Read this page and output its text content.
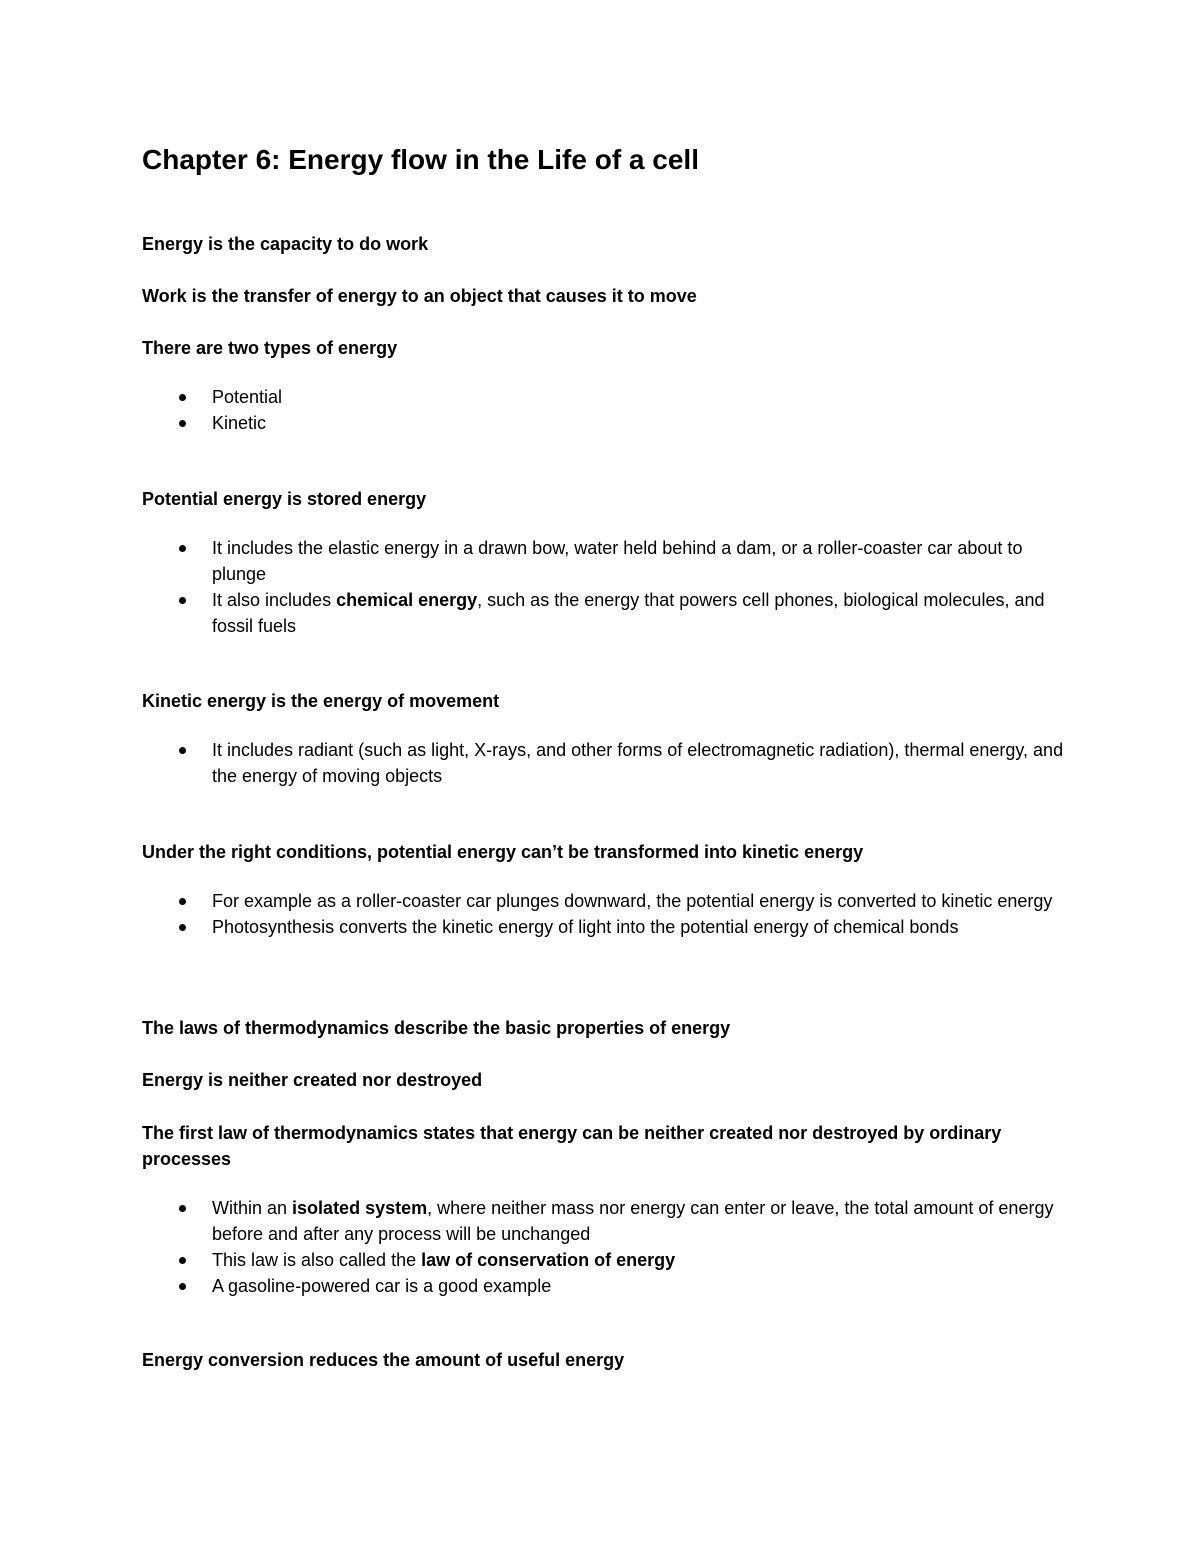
Chapter 6: Energy flow in the Life of a cell

Energy is the capacity to do work

Work is the transfer of energy to an object that causes it to move

There are two types of energy

Potential
Kinetic

Potential energy is stored energy

It includes the elastic energy in a drawn bow, water held behind a dam, or a roller-coaster car about to plunge
It also includes chemical energy, such as the energy that powers cell phones, biological molecules, and fossil fuels

Kinetic energy is the energy of movement

It includes radiant (such as light, X-rays, and other forms of electromagnetic radiation), thermal energy, and the energy of moving objects

Under the right conditions, potential energy can’t be transformed into kinetic energy

For example as a roller-coaster car plunges downward, the potential energy is converted to kinetic energy
Photosynthesis converts the kinetic energy of light into the potential energy of chemical bonds

The laws of thermodynamics describe the basic properties of energy

Energy is neither created nor destroyed

The first law of thermodynamics states that energy can be neither created nor destroyed by ordinary processes

Within an isolated system, where neither mass nor energy can enter or leave, the total amount of energy before and after any process will be unchanged
This law is also called the law of conservation of energy
A gasoline-powered car is a good example

Energy conversion reduces the amount of useful energy
